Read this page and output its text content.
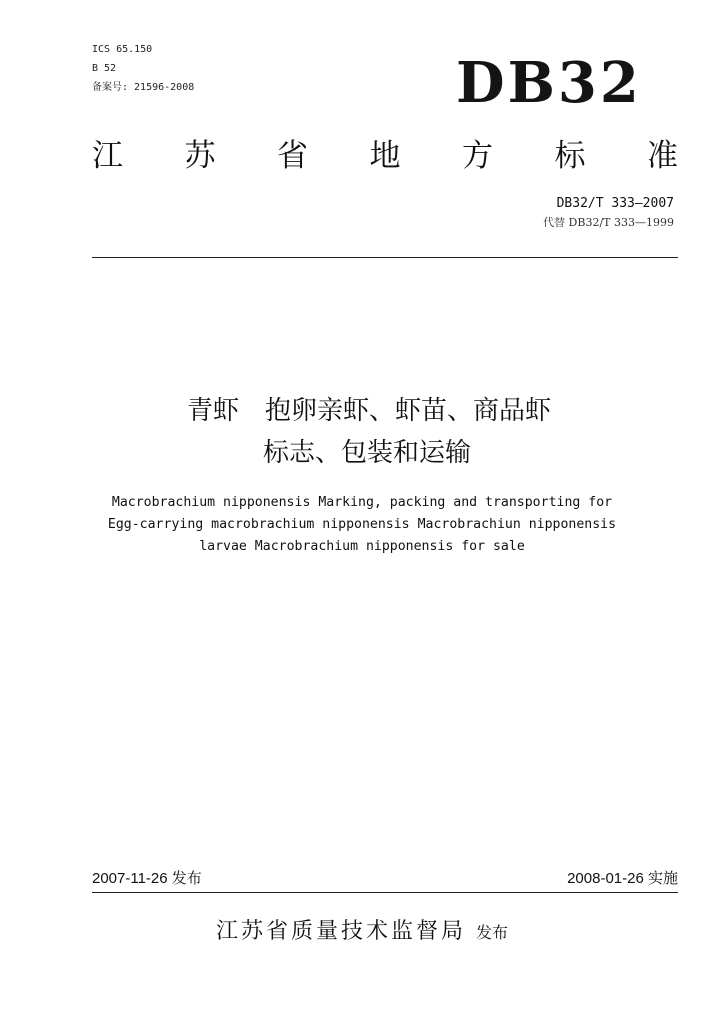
ICS 65.150
B 52
备案号: 21596-2008	DB32
江 苏 省 地 方 标 准
DB32/T 333—2007
代替 DB32/T 333—1999
青虾　抱卵亲虾、虾苗、商品虾
标志、包装和运输
Macrobrachium nipponensis Marking, packing and transporting for
Egg-carrying macrobrachium nipponensis Macrobrachiun nipponensis
larvae Macrobrachium nipponensis for sale
2007-11-26 发布	2008-01-26 实施
江苏省质量技术监督局 发布
